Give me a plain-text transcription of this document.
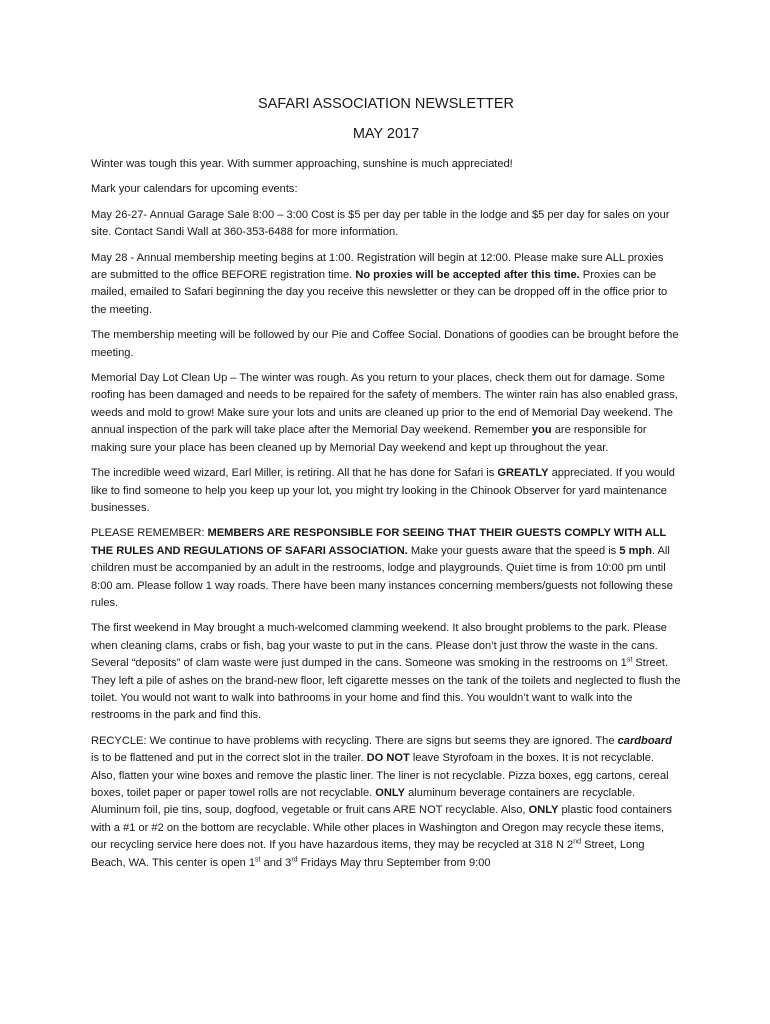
SAFARI ASSOCIATION NEWSLETTER
MAY 2017

Winter was tough this year. With summer approaching, sunshine is much appreciated!

Mark your calendars for upcoming events:

May 26-27- Annual Garage Sale 8:00 – 3:00 Cost is $5 per day per table in the lodge and $5 per day for sales on your site. Contact Sandi Wall at 360-353-6488 for more information.

May 28 - Annual membership meeting begins at 1:00. Registration will begin at 12:00. Please make sure ALL proxies are submitted to the office BEFORE registration time. No proxies will be accepted after this time. Proxies can be mailed, emailed to Safari beginning the day you receive this newsletter or they can be dropped off in the office prior to the meeting.

The membership meeting will be followed by our Pie and Coffee Social. Donations of goodies can be brought before the meeting.

Memorial Day Lot Clean Up – The winter was rough. As you return to your places, check them out for damage. Some roofing has been damaged and needs to be repaired for the safety of members. The winter rain has also enabled grass, weeds and mold to grow! Make sure your lots and units are cleaned up prior to the end of Memorial Day weekend. The annual inspection of the park will take place after the Memorial Day weekend. Remember you are responsible for making sure your place has been cleaned up by Memorial Day weekend and kept up throughout the year.

The incredible weed wizard, Earl Miller, is retiring. All that he has done for Safari is GREATLY appreciated. If you would like to find someone to help you keep up your lot, you might try looking in the Chinook Observer for yard maintenance businesses.

PLEASE REMEMBER: MEMBERS ARE RESPONSIBLE FOR SEEING THAT THEIR GUESTS COMPLY WITH ALL THE RULES AND REGULATIONS OF SAFARI ASSOCIATION. Make your guests aware that the speed is 5 mph. All children must be accompanied by an adult in the restrooms, lodge and playgrounds. Quiet time is from 10:00 pm until 8:00 am. Please follow 1 way roads. There have been many instances concerning members/guests not following these rules.

The first weekend in May brought a much-welcomed clamming weekend. It also brought problems to the park. Please when cleaning clams, crabs or fish, bag your waste to put in the cans. Please don’t just throw the waste in the cans. Several “deposits” of clam waste were just dumped in the cans. Someone was smoking in the restrooms on 1st Street. They left a pile of ashes on the brand-new floor, left cigarette messes on the tank of the toilets and neglected to flush the toilet. You would not want to walk into bathrooms in your home and find this. You wouldn’t want to walk into the restrooms in the park and find this.

RECYCLE: We continue to have problems with recycling. There are signs but seems they are ignored. The cardboard is to be flattened and put in the correct slot in the trailer. DO NOT leave Styrofoam in the boxes. It is not recyclable. Also, flatten your wine boxes and remove the plastic liner. The liner is not recyclable. Pizza boxes, egg cartons, cereal boxes, toilet paper or paper towel rolls are not recyclable. ONLY aluminum beverage containers are recyclable. Aluminum foil, pie tins, soup, dogfood, vegetable or fruit cans ARE NOT recyclable. Also, ONLY plastic food containers with a #1 or #2 on the bottom are recyclable. While other places in Washington and Oregon may recycle these items, our recycling service here does not. If you have hazardous items, they may be recycled at 318 N 2nd Street, Long Beach, WA. This center is open 1st and 3rd Fridays May thru September from 9:00
